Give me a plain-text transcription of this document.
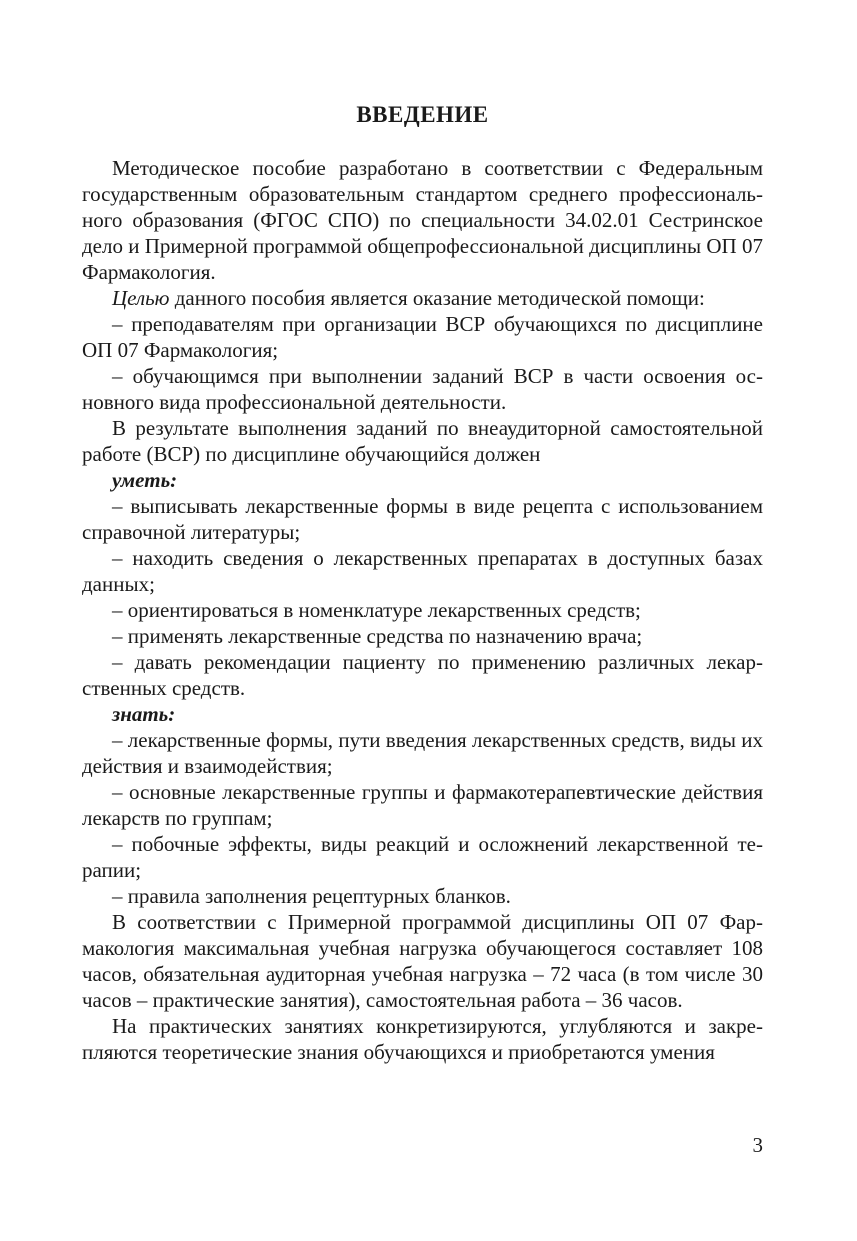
ВВЕДЕНИЕ

Методическое пособие разработано в соответствии с Федеральным государственным образовательным стандартом среднего профессионального образования (ФГОС СПО) по специальности 34.02.01 Сестринское дело и Примерной программой общепрофессиональной дисциплины ОП 07 Фармакология.

Целью данного пособия является оказание методической помощи:

– преподавателям при организации ВСР обучающихся по дисциплине ОП 07 Фармакология;

– обучающимся при выполнении заданий ВСР в части освоения основного вида профессиональной деятельности.

В результате выполнения заданий по внеаудиторной самостоятельной работе (ВСР) по дисциплине обучающийся должен

уметь:

– выписывать лекарственные формы в виде рецепта с использованием справочной литературы;

– находить сведения о лекарственных препаратах в доступных базах данных;

– ориентироваться в номенклатуре лекарственных средств;

– применять лекарственные средства по назначению врача;

– давать рекомендации пациенту по применению различных лекарственных средств.

знать:

– лекарственные формы, пути введения лекарственных средств, виды их действия и взаимодействия;

– основные лекарственные группы и фармакотерапевтические действия лекарств по группам;

– побочные эффекты, виды реакций и осложнений лекарственной терапии;

– правила заполнения рецептурных бланков.

В соответствии с Примерной программой дисциплины ОП 07 Фармакология максимальная учебная нагрузка обучающегося составляет 108 часов, обязательная аудиторная учебная нагрузка – 72 часа (в том числе 30 часов – практические занятия), самостоятельная работа – 36 часов.

На практических занятиях конкретизируются, углубляются и закрепляются теоретические знания обучающихся и приобретаются умения

3
